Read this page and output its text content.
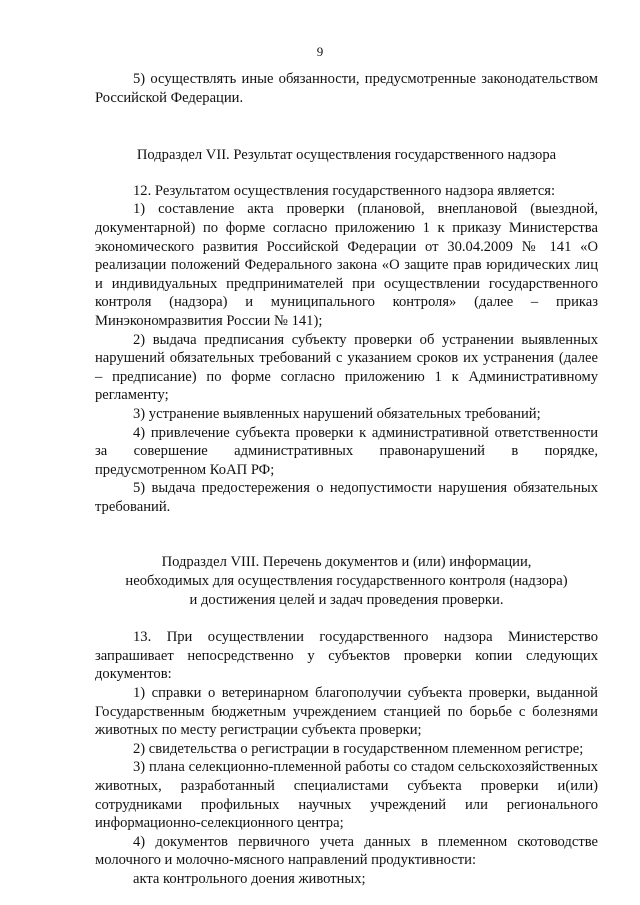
9

5) осуществлять иные обязанности, предусмотренные законодательством Российской Федерации.

Подраздел VII. Результат осуществления государственного надзора

12. Результатом осуществления государственного надзора является:

1) составление акта проверки (плановой, внеплановой (выездной, документарной) по форме согласно приложению 1 к приказу Министерства экономического развития Российской Федерации от 30.04.2009 № 141 «О реализации положений Федерального закона «О защите прав юридических лиц и индивидуальных предпринимателей при осуществлении государственного контроля (надзора) и муниципального контроля» (далее – приказ Минэкономразвития России № 141);

2) выдача предписания субъекту проверки об устранении выявленных нарушений обязательных требований с указанием сроков их устранения (далее – предписание) по форме согласно приложению 1 к Административному регламенту;

3) устранение выявленных нарушений обязательных требований;

4) привлечение субъекта проверки к административной ответственности за совершение административных правонарушений в порядке, предусмотренном КоАП РФ;

5) выдача предостережения о недопустимости нарушения обязательных требований.

Подраздел VIII. Перечень документов и (или) информации,

необходимых для осуществления государственного контроля (надзора)

и достижения целей и задач проведения проверки.

13. При осуществлении государственного надзора Министерство запрашивает непосредственно у субъектов проверки копии следующих документов:

1) справки о ветеринарном благополучии субъекта проверки, выданной Государственным бюджетным учреждением станцией по борьбе с болезнями животных по месту регистрации субъекта проверки;

2) свидетельства о регистрации в государственном племенном регистре;

3) плана селекционно-племенной работы со стадом сельскохозяйственных животных, разработанный специалистами субъекта проверки и(или) сотрудниками профильных научных учреждений или регионального информационно-селекционного центра;

4) документов первичного учета данных в племенном скотоводстве молочного и молочно-мясного направлений продуктивности:

акта контрольного доения животных;
